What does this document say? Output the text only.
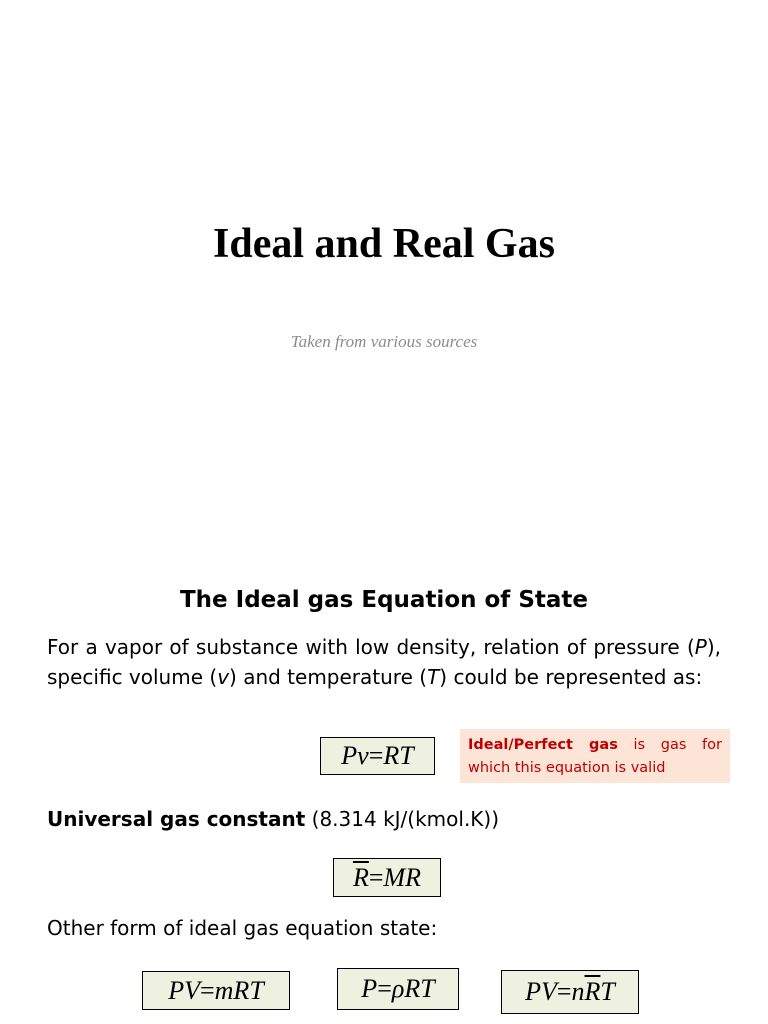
Ideal and Real Gas
Taken from various sources
The Ideal gas Equation of State

For a vapor of substance with low density, relation of pressure (P), specific volume (v) and temperature (T) could be represented as:

Pv = RT	Ideal/Perfect gas is gas for which this equation is valid
Universal gas constant (8.314 kJ/(kmol.K))
$\overline{R}$ = MR
Other form of ideal gas equation state:
PV = mRT	P = ρRT	PV = n $\overline{R}$ T
